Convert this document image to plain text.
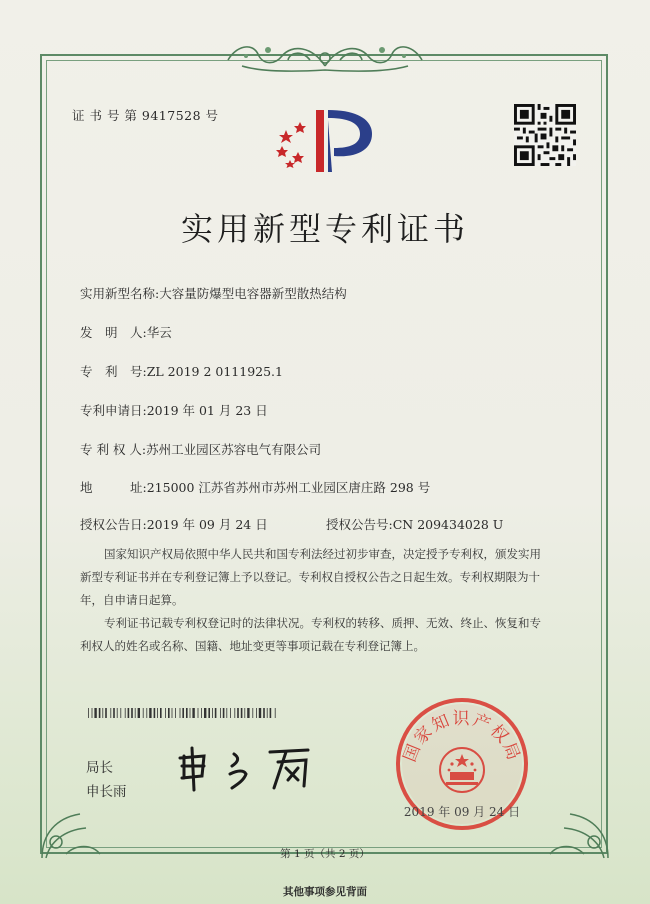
证 书 号 第 9417528 号
实用新型专利证书
实用新型名称:大容量防爆型电容器新型散热结构
发　明　人:华云
专　利　号:ZL 2019 2 0111925.1
专利申请日:2019 年 01 月 23 日
专 利 权 人:苏州工业园区苏容电气有限公司
地　　　址:215000 江苏省苏州市苏州工业园区唐庄路 298 号
授权公告日:2019 年 09 月 24 日	授权公告号:CN 209434028 U
国家知识产权局依照中华人民共和国专利法经过初步审查，决定授予专利权，颁发实用
新型专利证书并在专利登记簿上予以登记。专利权自授权公告之日起生效。专利权期限为十
年，自申请日起算。
专利证书记载专利权登记时的法律状况。专利权的转移、质押、无效、终止、恢复和专
利权人的姓名或名称、国籍、地址变更等事项记载在专利登记簿上。
局长
申长雨
国家知识产权局
2019 年 09 月 24 日
第 1 页（共 2 页）
其他事项参见背面
